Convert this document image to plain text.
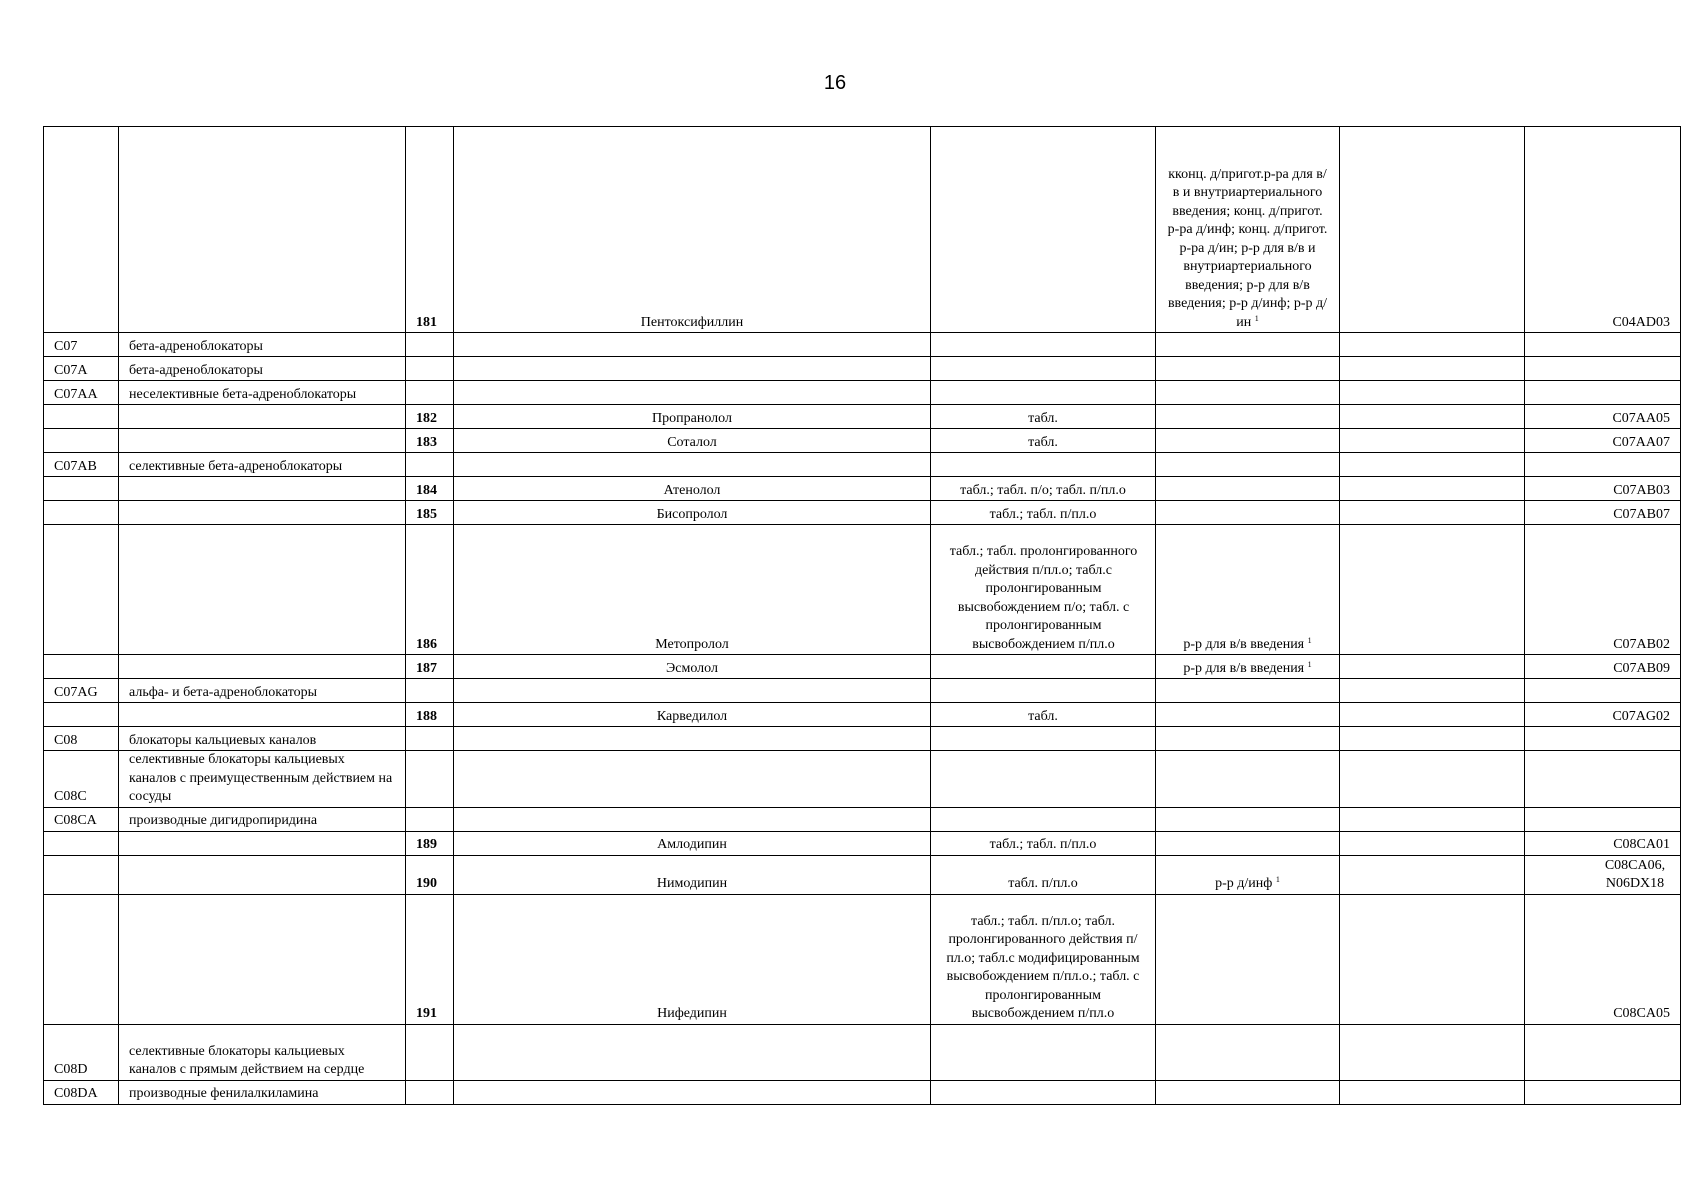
16
		181	Пентоксифиллин		кконц. д/пригот.р-ра для в/в и внутриартериального введения; конц. д/пригот. р-ра д/инф; конц. д/пригот. р-ра д/ин; р-р для в/в и внутриартериального введения; р-р для в/в введения; р-р д/инф; р-р д/ин $^1$		C04AD03

C07	бета-адреноблокаторы						
C07A	бета-адреноблокаторы						
C07AA	неселективные бета-адреноблокаторы						
		182	Пропранолол	табл.			C07AA05

		183	Соталол	табл.			C07AA07

C07AB	селективные бета-адреноблокаторы						
		184	Атенолол	табл.; табл. п/о; табл. п/пл.о			C07AB03

		185	Бисопролол	табл.; табл. п/пл.о			C07AB07

		186	Метопролол	табл.; табл. пролонгированного действия п/пл.о; табл.с пролонгированным высвобождением п/о; табл. с пролонгированным высвобождением п/пл.о	р-р для в/в введения $^1$		C07AB02

		187	Эсмолол		р-р для в/в введения $^1$		C07AB09

C07AG	альфа- и бета-адреноблокаторы						
		188	Карведилол	табл.			C07AG02

C08	блокаторы кальциевых каналов						
C08C	селективные блокаторы кальциевых каналов с преимущественным действием на сосуды						
C08CA	производные дигидропиридина						
		189	Амлодипин	табл.; табл. п/пл.о			C08CA01

		190	Нимодипин	табл. п/пл.о	р-р д/инф $^1$		C08CA06, N06DX18

		191	Нифедипин	табл.; табл. п/пл.о; табл. пролонгированного действия п/пл.о; табл.с модифицированным высвобождением п/пл.о.; табл. с пролонгированным высвобождением п/пл.о			C08CA05

C08D	селективные блокаторы кальциевых каналов с прямым действием на сердце						
C08DA	производные фенилалкиламина						
